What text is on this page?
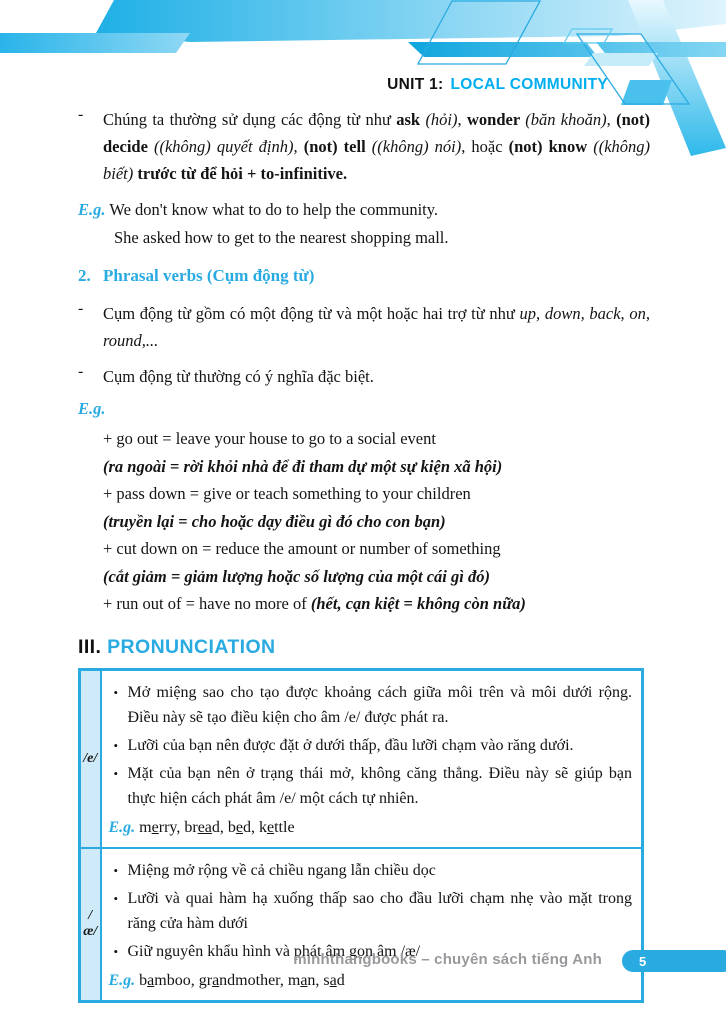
UNIT 1: LOCAL COMMUNITY
-	Chúng ta thường sử dụng các động từ như ask (hỏi), wonder (băn khoăn), (not) decide ((không) quyết định), (not) tell ((không) nói), hoặc (not) know ((không) biết) trước từ để hỏi + to-infinitive.
E.g. We don't know what to do to help the community.
She asked how to get to the nearest shopping mall.
2. Phrasal verbs (Cụm động từ)
-	Cụm động từ gồm có một động từ và một hoặc hai trợ từ như up, down, back, on, round,...
-	Cụm động từ thường có ý nghĩa đặc biệt.
E.g.
+ go out = leave your house to go to a social event
(ra ngoài = rời khỏi nhà để đi tham dự một sự kiện xã hội)
+ pass down = give or teach something to your children
(truyền lại = cho hoặc dạy điều gì đó cho con bạn)
+ cut down on = reduce the amount or number of something
(cắt giảm = giảm lượng hoặc số lượng của một cái gì đó)
+ run out of = have no more of (hết, cạn kiệt = không còn nữa)
III. PRONUNCIATION
/e/	
• Mở miệng sao cho tạo được khoảng cách giữa môi trên và môi dưới rộng. Điều này sẽ tạo điều kiện cho âm /e/ được phát ra.
• Lưỡi của bạn nên được đặt ở dưới thấp, đầu lưỡi chạm vào răng dưới.
• Mặt của bạn nên ở trạng thái mở, không căng thẳng. Điều này sẽ giúp bạn thực hiện cách phát âm /e/ một cách tự nhiên.
E.g. merry, bread, bed, kettle

/æ/	
• Miệng mở rộng về cả chiều ngang lẫn chiều dọc
• Lưỡi và quai hàm hạ xuống thấp sao cho đầu lưỡi chạm nhẹ vào mặt trong răng cửa hàm dưới
• Giữ nguyên khẩu hình và phát âm gọn âm /æ/
E.g. bamboo, grandmother, man, sad
minhthangbooks – chuyên sách tiếng Anh	5
